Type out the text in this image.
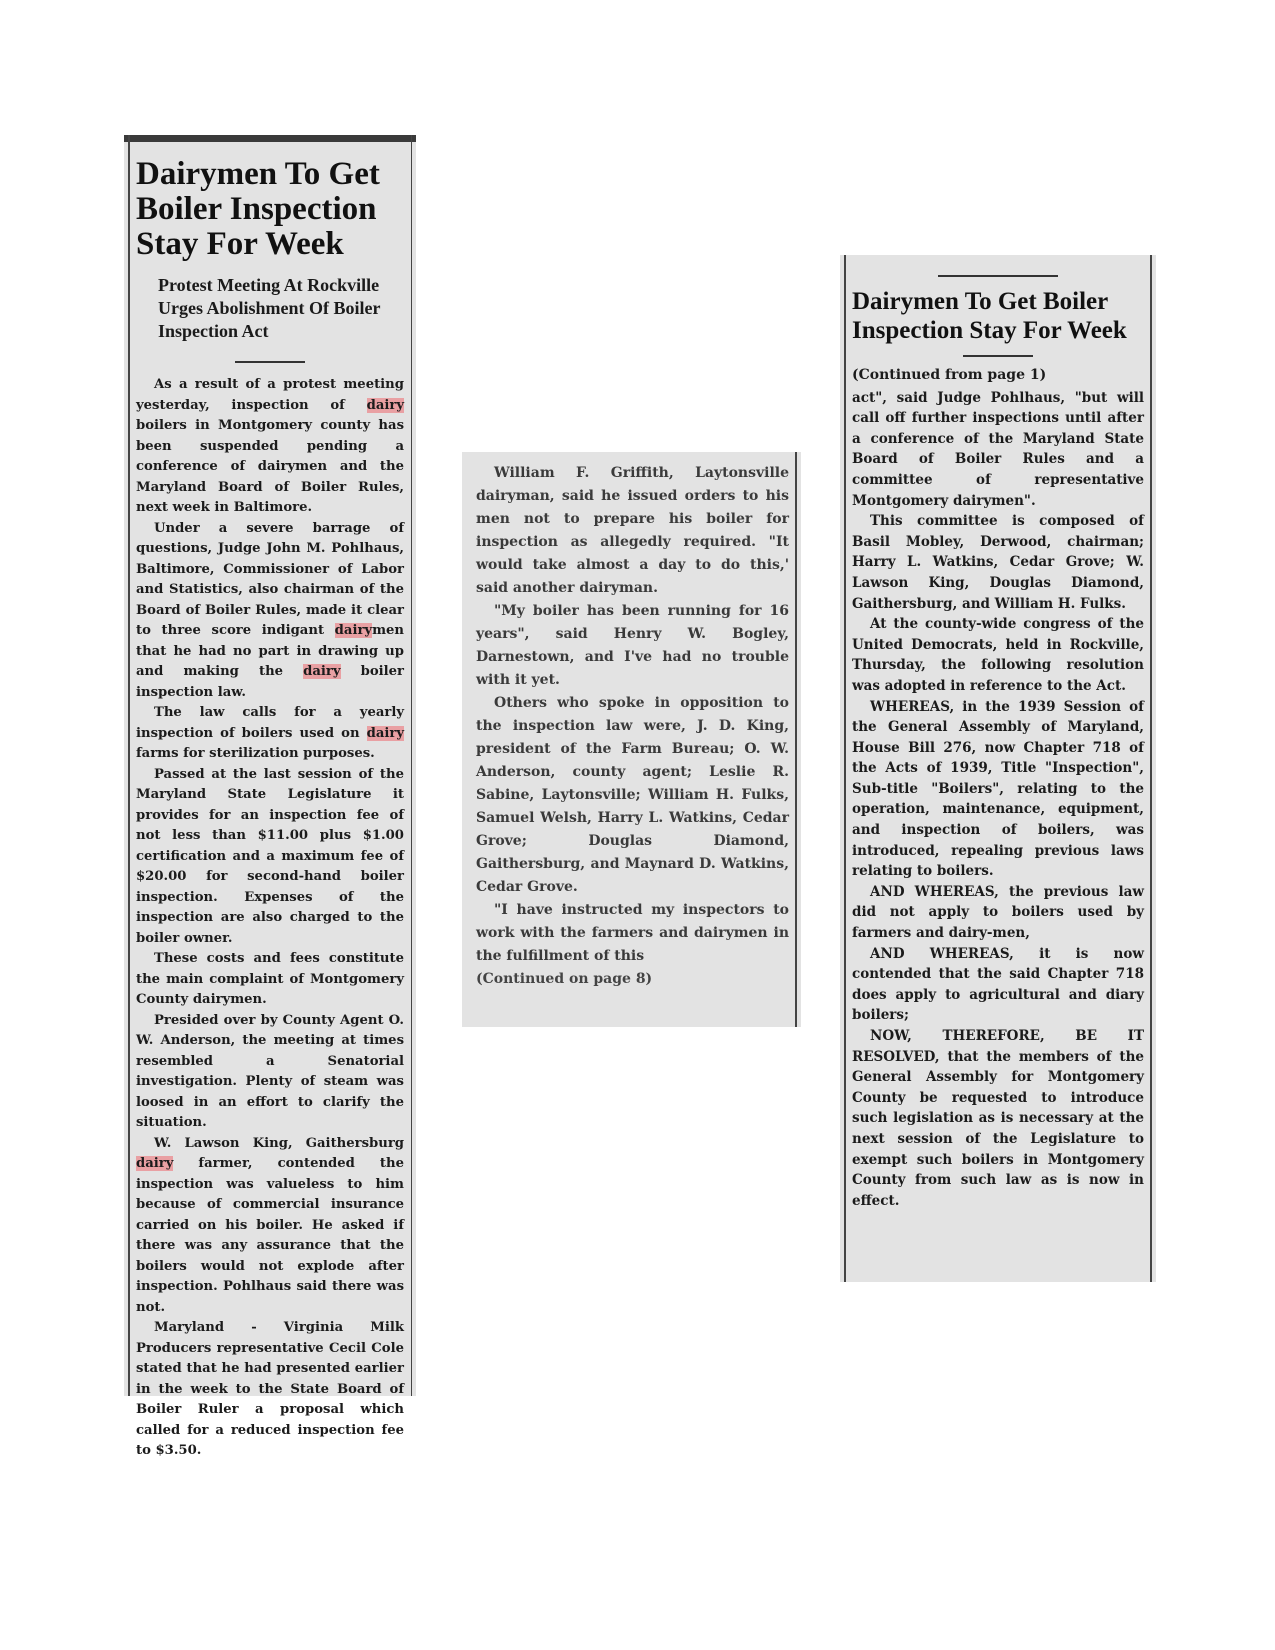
Dairymen To Get Boiler Inspection Stay For Week
Protest Meeting At Rockville Urges Abolishment Of Boiler Inspection Act

As a result of a protest meeting yesterday, inspection of dairy boilers in Montgomery county has been suspended pending a conference of dairymen and the Maryland Board of Boiler Rules, next week in Baltimore.

Under a severe barrage of questions, Judge John M. Pohlhaus, Baltimore, Commissioner of Labor and Statistics, also chairman of the Board of Boiler Rules, made it clear to three score indigant dairymen that he had no part in drawing up and making the dairy boiler inspection law.

The law calls for a yearly inspection of boilers used on dairy farms for sterilization purposes.

Passed at the last session of the Maryland State Legislature it provides for an inspection fee of not less than $11.00 plus $1.00 certification and a maximum fee of $20.00 for second-hand boiler inspection. Expenses of the inspection are also charged to the boiler owner.

These costs and fees constitute the main complaint of Montgomery County dairymen.

Presided over by County Agent O. W. Anderson, the meeting at times resembled a Senatorial investigation. Plenty of steam was loosed in an effort to clarify the situation.

W. Lawson King, Gaithersburg dairy farmer, contended the inspection was valueless to him because of commercial insurance carried on his boiler. He asked if there was any assurance that the boilers would not explode after inspection. Pohlhaus said there was not.

Maryland - Virginia Milk Producers representative Cecil Cole stated that he had presented earlier in the week to the State Board of Boiler Ruler a proposal which called for a reduced inspection fee to $3.50.

William F. Griffith, Laytonsville dairyman, said he issued orders to his men not to prepare his boiler for inspection as allegedly required. "It would take almost a day to do this,' said another dairyman.

"My boiler has been running for 16 years", said Henry W. Bogley, Darnestown, and I've had no trouble with it yet.

Others who spoke in opposition to the inspection law were, J. D. King, president of the Farm Bureau; O. W. Anderson, county agent; Leslie R. Sabine, Laytonsville; William H. Fulks, Samuel Welsh, Harry L. Watkins, Cedar Grove; Douglas Diamond, Gaithersburg, and Maynard D. Watkins, Cedar Grove.

"I have instructed my inspectors to work with the farmers and dairymen in the fulfillment of this

(Continued on page 8)

Dairymen To Get Boiler Inspection Stay For Week

(Continued from page 1)

act", said Judge Pohlhaus, "but will call off further inspections until after a conference of the Maryland State Board of Boiler Rules and a committee of representative Montgomery dairymen".

This committee is composed of Basil Mobley, Derwood, chairman; Harry L. Watkins, Cedar Grove; W. Lawson King, Douglas Diamond, Gaithersburg, and William H. Fulks.

At the county-wide congress of the United Democrats, held in Rockville, Thursday, the following resolution was adopted in reference to the Act.

WHEREAS, in the 1939 Session of the General Assembly of Maryland, House Bill 276, now Chapter 718 of the Acts of 1939, Title "Inspection", Sub-title "Boilers", relating to the operation, maintenance, equipment, and inspection of boilers, was introduced, repealing previous laws relating to boilers.

AND WHEREAS, the previous law did not apply to boilers used by farmers and dairy-men,

AND WHEREAS, it is now contended that the said Chapter 718 does apply to agricultural and diary boilers;

NOW, THEREFORE, BE IT RESOLVED, that the members of the General Assembly for Montgomery County be requested to introduce such legislation as is necessary at the next session of the Legislature to exempt such boilers in Montgomery County from such law as is now in effect.
